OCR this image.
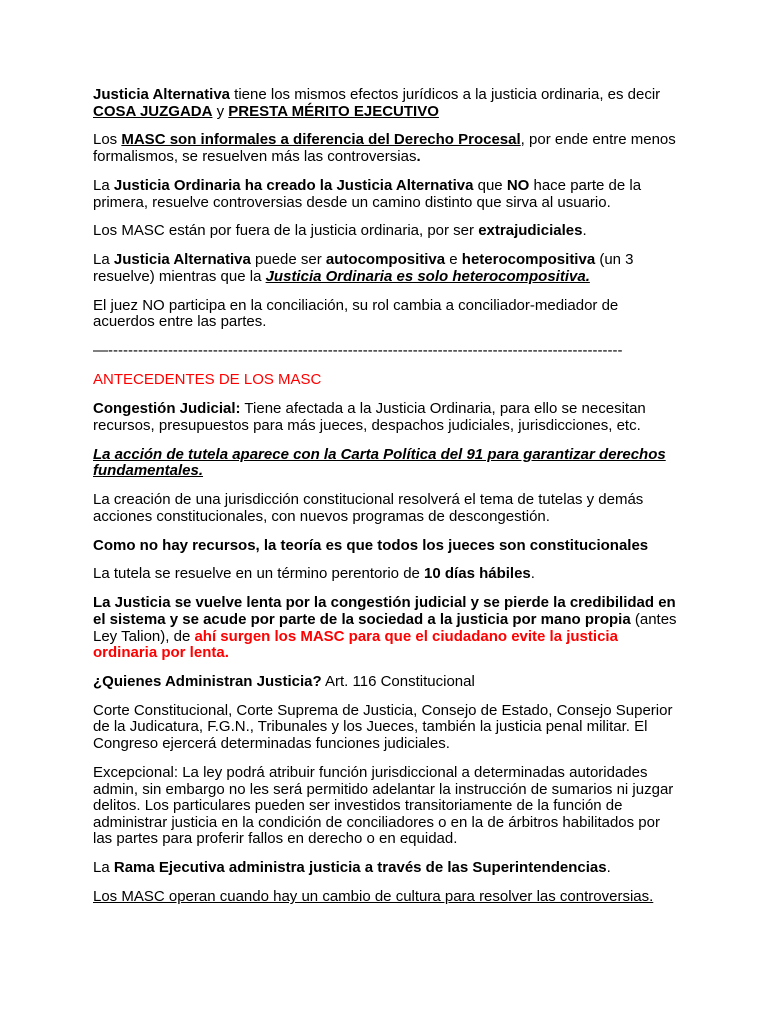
Justicia Alternativa tiene los mismos efectos jurídicos a la justicia ordinaria, es decir COSA JUZGADA y PRESTA MÉRITO EJECUTIVO

Los MASC son informales a diferencia del Derecho Procesal, por ende entre menos formalismos, se resuelven más las controversias.

La Justicia Ordinaria ha creado la Justicia Alternativa que NO hace parte de la primera, resuelve controversias desde un camino distinto que sirva al usuario.

Los MASC están por fuera de la justicia ordinaria, por ser extrajudiciales.

La Justicia Alternativa puede ser autocompositiva e heterocompositiva (un 3 resuelve) mientras que la Justicia Ordinaria es solo heterocompositiva.

El juez NO participa en la conciliación, su rol cambia a conciliador-mediador de acuerdos entre las partes.

—-------------------------------------------------------------------------------------------------------

ANTECEDENTES DE LOS MASC

Congestión Judicial: Tiene afectada a la Justicia Ordinaria, para ello se necesitan recursos, presupuestos para más jueces, despachos judiciales, jurisdicciones, etc.

La acción de tutela aparece con la Carta Política del 91 para garantizar derechos fundamentales.

La creación de una jurisdicción constitucional resolverá el tema de tutelas y demás acciones constitucionales, con nuevos programas de descongestión.

Como no hay recursos, la teoría es que todos los jueces son constitucionales

La tutela se resuelve en un término perentorio de 10 días hábiles.

La Justicia se vuelve lenta por la congestión judicial y se pierde la credibilidad en el sistema y se acude por parte de la sociedad a la justicia por mano propia (antes Ley Talion), de ahí surgen los MASC para que el ciudadano evite la justicia ordinaria por lenta.

¿Quienes Administran Justicia? Art. 116 Constitucional

Corte Constitucional, Corte Suprema de Justicia, Consejo de Estado, Consejo Superior de la Judicatura, F.G.N., Tribunales y los Jueces, también la justicia penal militar. El Congreso ejercerá determinadas funciones judiciales.

Excepcional: La ley podrá atribuir función jurisdiccional a determinadas autoridades admin, sin embargo no les será permitido adelantar la instrucción de sumarios ni juzgar delitos. Los particulares pueden ser investidos transitoriamente de la función de administrar justicia en la condición de conciliadores o en la de árbitros habilitados por las partes para proferir fallos en derecho o en equidad.

La Rama Ejecutiva administra justicia a través de las Superintendencias.

Los MASC operan cuando hay un cambio de cultura para resolver las controversias.
